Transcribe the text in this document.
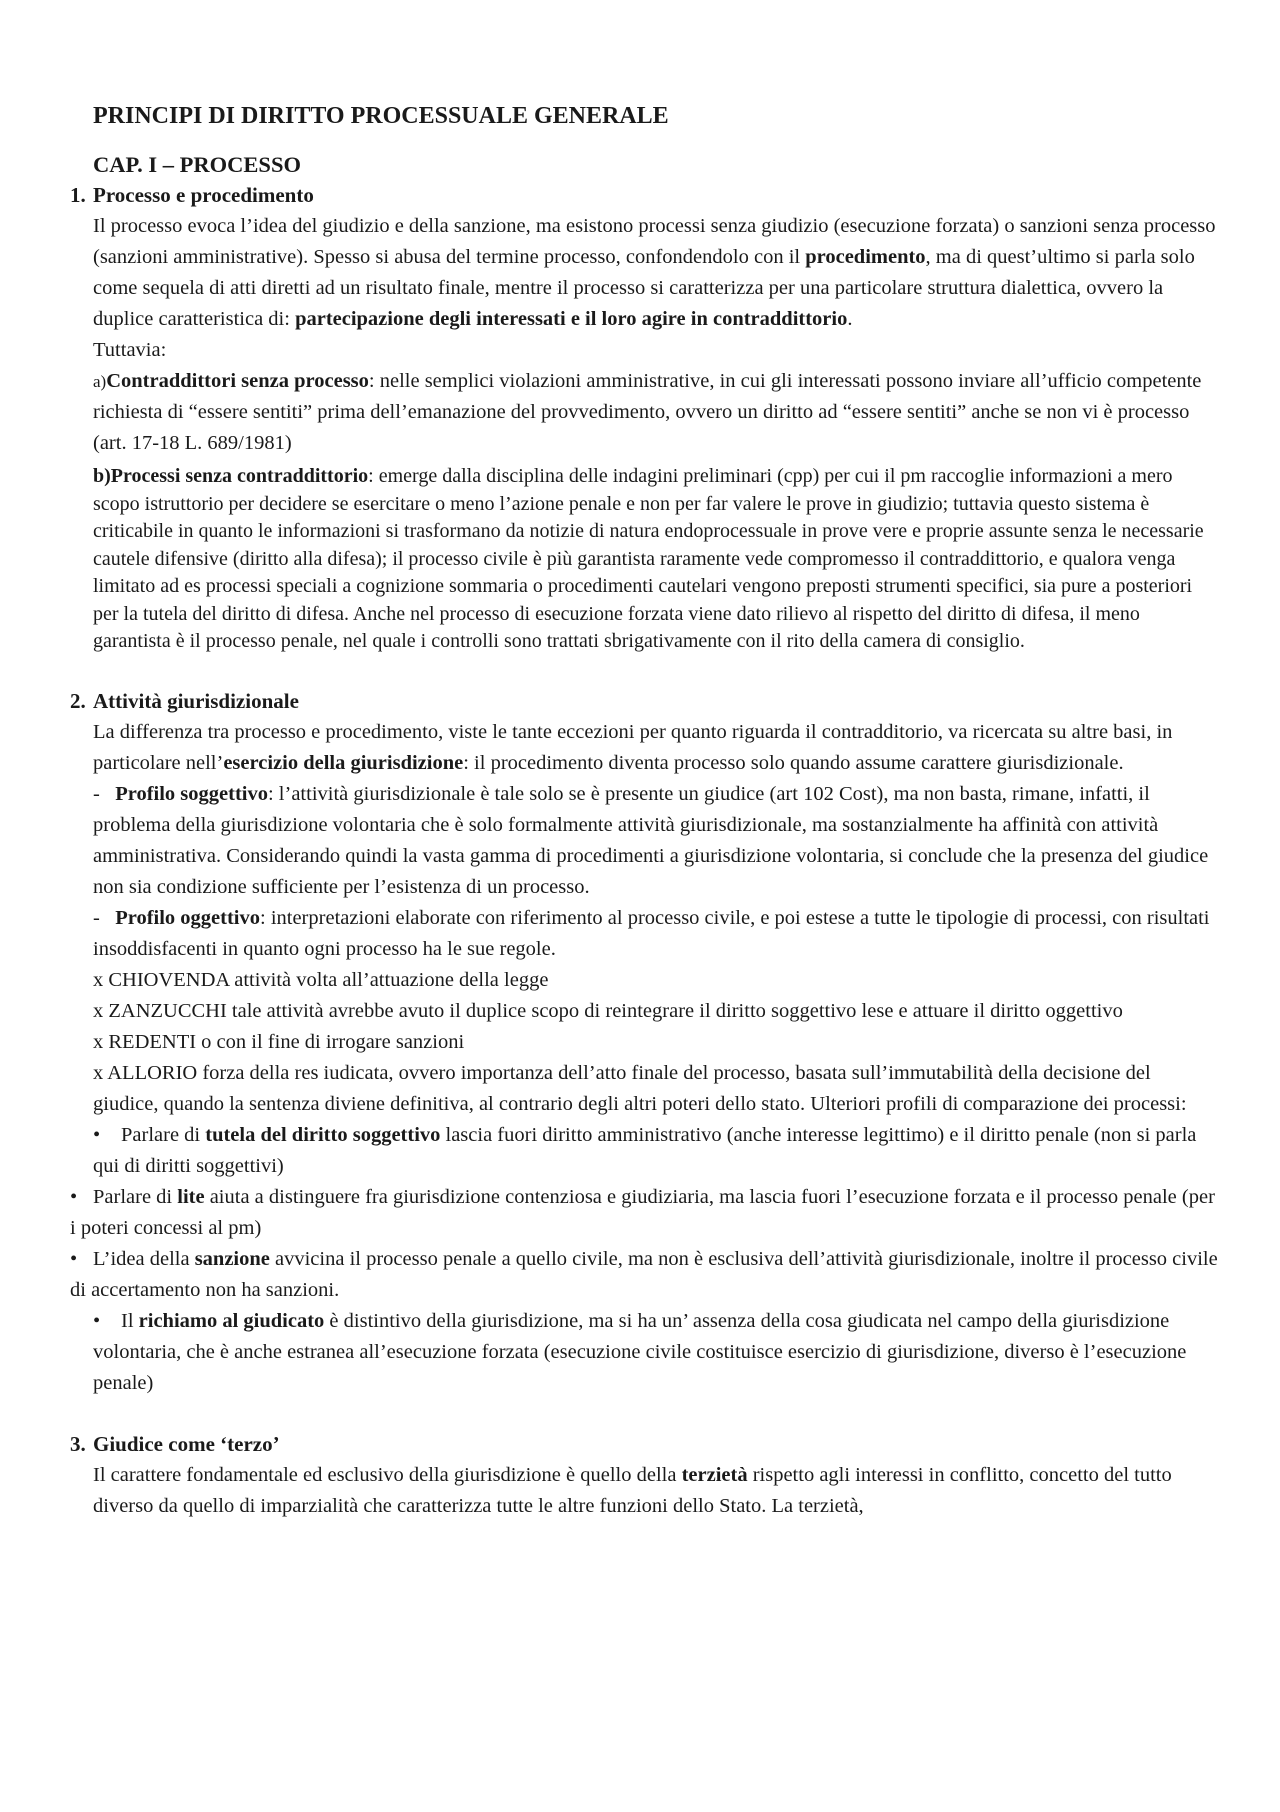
PRINCIPI DI DIRITTO PROCESSUALE GENERALE
CAP. I – PROCESSO
1. Processo e procedimento
Il processo evoca l’idea del giudizio e della sanzione, ma esistono processi senza giudizio (esecuzione forzata) o sanzioni senza processo (sanzioni amministrative). Spesso si abusa del termine processo, confondendolo con il procedimento, ma di quest’ultimo si parla solo come sequela di atti diretti ad un risultato finale, mentre il processo si caratterizza per una particolare struttura dialettica, ovvero la duplice caratteristica di: partecipazione degli interessati e il loro agire in contraddittorio.
Tuttavia:
a)Contraddittori senza processo: nelle semplici violazioni amministrative, in cui gli interessati possono inviare all’ufficio competente richiesta di “essere sentiti” prima dell’emanazione del provvedimento, ovvero un diritto ad “essere sentiti” anche se non vi è processo (art. 17-18 L. 689/1981)
b)Processi senza contraddittorio: emerge dalla disciplina delle indagini preliminari (cpp) per cui il pm raccoglie informazioni a mero scopo istruttorio per decidere se esercitare o meno l’azione penale e non per far valere le prove in giudizio; tuttavia questo sistema è criticabile in quanto le informazioni si trasformano da notizie di natura endoprocessuale in prove vere e proprie assunte senza le necessarie cautele difensive (diritto alla difesa); il processo civile è più garantista raramente vede compromesso il contraddittorio, e qualora venga limitato ad es processi speciali a cognizione sommaria o procedimenti cautelari vengono preposti strumenti specifici, sia pure a posteriori per la tutela del diritto di difesa. Anche nel processo di esecuzione forzata viene dato rilievo al rispetto del diritto di difesa, il meno garantista è il processo penale, nel quale i controlli sono trattati sbrigativamente con il rito della camera di consiglio.
2. Attività giurisdizionale
La differenza tra processo e procedimento, viste le tante eccezioni per quanto riguarda il contradditorio, va ricercata su altre basi, in particolare nell’esercizio della giurisdizione: il procedimento diventa processo solo quando assume carattere giurisdizionale.
- Profilo soggettivo: l’attività giurisdizionale è tale solo se è presente un giudice (art 102 Cost), ma non basta, rimane, infatti, il problema della giurisdizione volontaria che è solo formalmente attività giurisdizionale, ma sostanzialmente ha affinità con attività amministrativa. Considerando quindi la vasta gamma di procedimenti a giurisdizione volontaria, si conclude che la presenza del giudice non sia condizione sufficiente per l’esistenza di un processo.
- Profilo oggettivo: interpretazioni elaborate con riferimento al processo civile, e poi estese a tutte le tipologie di processi, con risultati insoddisfacenti in quanto ogni processo ha le sue regole.
x CHIOVENDA attività volta all’attuazione della legge
x ZANZUCCHI tale attività avrebbe avuto il duplice scopo di reintegrare il diritto soggettivo lese e attuare il diritto oggettivo
x REDENTI o con il fine di irrogare sanzioni
x ALLORIO forza della res iudicata, ovvero importanza dell’atto finale del processo, basata sull’immutabilità della decisione del giudice, quando la sentenza diviene definitiva, al contrario degli altri poteri dello stato. Ulteriori profili di comparazione dei processi:
• Parlare di tutela del diritto soggettivo lascia fuori diritto amministrativo (anche interesse legittimo) e il diritto penale (non si parla qui di diritti soggettivi)
• Parlare di lite aiuta a distinguere fra giurisdizione contenziosa e giudiziaria, ma lascia fuori l’esecuzione forzata e il processo penale (per i poteri concessi al pm)
• L’idea della sanzione avvicina il processo penale a quello civile, ma non è esclusiva dell’attività giurisdizionale, inoltre il processo civile di accertamento non ha sanzioni.
• Il richiamo al giudicato è distintivo della giurisdizione, ma si ha un’ assenza della cosa giudicata nel campo della giurisdizione volontaria, che è anche estranea all’esecuzione forzata (esecuzione civile costituisce esercizio di giurisdizione, diverso è l’esecuzione penale)
3. Giudice come ‘terzo’
Il carattere fondamentale ed esclusivo della giurisdizione è quello della terzietà rispetto agli interessi in conflitto, concetto del tutto diverso da quello di imparzialità che caratterizza tutte le altre funzioni dello Stato. La terzietà,
